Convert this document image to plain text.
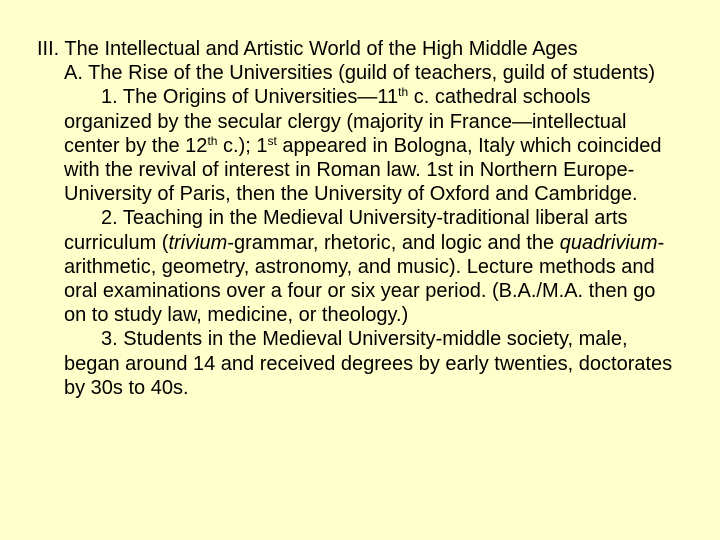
III. The Intellectual and Artistic World of the High Middle Ages

A. The Rise of the Universities (guild of teachers, guild of students)

1. The Origins of Universities—11th c. cathedral schools organized by the secular clergy (majority in France—intellectual center by the 12th c.); 1st appeared in Bologna, Italy which coincided with the revival of interest in Roman law. 1st in Northern Europe-University of Paris, then the University of Oxford and Cambridge.

2. Teaching in the Medieval University-traditional liberal arts curriculum (trivium-grammar, rhetoric, and logic and the quadrivium-arithmetic, geometry, astronomy, and music). Lecture methods and oral examinations over a four or six year period. (B.A./M.A. then go on to study law, medicine, or theology.)

3. Students in the Medieval University-middle society, male, began around 14 and received degrees by early twenties, doctorates by 30s to 40s.
